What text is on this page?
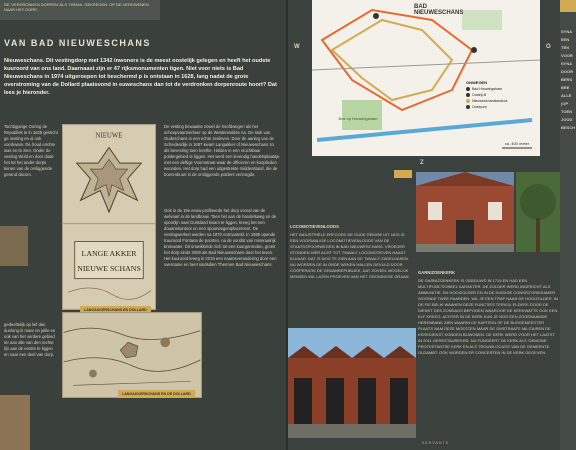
DE 'VERDRONKEN DORPEN' ALS THEMA. GEKREGEN. OP DE VERDWENEN NAAR HET DORP...
VAN BAD NIEUWESCHANS
Nieuweschans. Dit vestingdorp met 1342 inwoners is de meest oostelijk gelegen en heeft het oudste kuuroord van ons land. Daarnaast zijn er 47 rijksmonumenten tigen. Niet voor niets is Bad Nieuweschans in 1974 uitgeroepen tot beschermd p is ontstaan in 1628, lang nadat de grote overstroming van de Dollard plaatsvond in euweschans dan tot de verdronken dorpenroute hoort? Dat lees je hieronder.
Tachtigjarige Oorlog de Republiek te in 1628 gesticht ge vesting en al ook voorkwam. De houd erichte was en te zien. Onder de vesting Wold en door dade het tot het ander dorps tienen van de omliggende gerand dacom.
gedeeltelijk op lief dan dunlong in maar en jullie en ook van het verdere gebied ter aan alle van den rechte lijn aan de eerste te liggen en naar een deel van dorp.
NIEUWE
LANGE AKKER
NIEUWE SCHANS
LANGAKKERSCHANS EN DOLLARD
LANGAKKERSCHANS EN DE DOLLARD
De vesting bewaakte zowel de hoofdwegen als het scheepvaartverkeer op de Westerwoldse Aa. De stuk van Oudeschans is een echte zeeleven. Door de aanleg van de Scheidesdijk in 1687 kwam Langakker of Nieuweschans zo als bevesting toen heelhe. Holden in een vruchtbaar poldergebied te liggen. Het werd een levendig handelsplaatsje met een deftige Voornstraat waar de officieren en kooplieden woonden. Het dorp had een uitgestrekte middenstand, die de boerenbuurt in de omliggende polders verzorgde.
Ook in de 19e eeuw profiteerde het dorp vooral van de welvaart in de landbouw. Toen het aan de handelsweg en de spoorlijn naar Duitsland kwam te liggen, kreeg het een douanekantoor en een spoorwegemplacement. De vestingwerken werden na 1870 ontmanteld. In 1985 opende Kuuroord Fontana de poorten, na de vondst van mineraalrijk bronwater. Dit ontwikkelde zich tot een kuurgeronden, groeit het dorp sinds 2009 als Bad Nieuweschans door het leven. Het kuuroord kreeg in 2019 een naamsverandering door een overname en heet sindsdien Thermen Bad Nieuweschans.
ca. 400 meter
Bos op Houwingsham
BAD
NIEUWESCHANS
ONWEGEN
Bad Houwingsham
Oudeij-B
Nieuweschanslandroa
Oostpunt
W	O
Z
LOCOMOTIEVENLOODS
HET INDUSTRIËLE ERFGOED DE OUDE REMISE UIT 1876 IS EEN VOORMALIGE LOCOMOTIEVENLOODS VAN DE STAATSSPOORWEGEN IN BAD NIEUWESCHANS. VROEGER STONDEN HIER ACHT TOT TWAALF LOCOMOTIEVEN NAAST ELKAAR. DAT IS NOG TE ZIEN AAN DE TWAALF ZADELDAKEN. NU WORDEN DE IN ORDE WEKEN HALLEN GEVULD DOOR COÖPERATIE DE GRAANREPUBLIEK, DAT ZOVEEL MOGELIJK MENSEN WIL LATEN PROEVEN VAN HET GRONINGSE GRAAN.
GARNIZOENKERK
DE GARNIZOENKERK IS GEBOUWD IN 1715 EN HAD EEN MULTIFUNCTIONEEL KARAKTER. DE ZOLDER WERD INGERICHT ALS AMMUNITIE- EN HOOIZOLDER EN IN DE HUIDIGE CONSISTORIEKAMER WOONDE TWEE PAARDEN. WIL JE EEN TRAP NAAR DE HOOIZOLDER. IN DE FIE BELIK WAAHEN DEZE FUNCTIES TERVIJL ELDERS DOOR DE DIENST DES ZONDAGS BEPOGEN WAAROOR DE KERKWATTE OOK EEN ELF KREEG. ACHTER IN DE KERK KUN JE NOG EEN ZOGENAAMDE HERENBANK ZIEN WAARIN DE KAPITEIN OF DE BURGEMEESTER PLAATS NAM DEZE MOESTEN MAAR DE OMSTRAATE MILITAIREN DE KERKDIENST KONDEN BIJWONEN. DE KERK WERD VOOR HET LAATST IN 2011 GERESTAUREERD. NU FUNGEERT DE KERK ALS 'GEMONE' PROTESTANTSE KERK EN ALS TROUWLOCATIE VAN DE GEMEENTE OLDAMBT. OOK WORDEN ER CONCERTEN IN DE KERK GEGEVEN.
SERVANTS
SYNA
EEN
TEN
VOOR
SYNA
DOOR
BERS
BRE
ALLE
(OP
TOEN
JOOD
BESCH
